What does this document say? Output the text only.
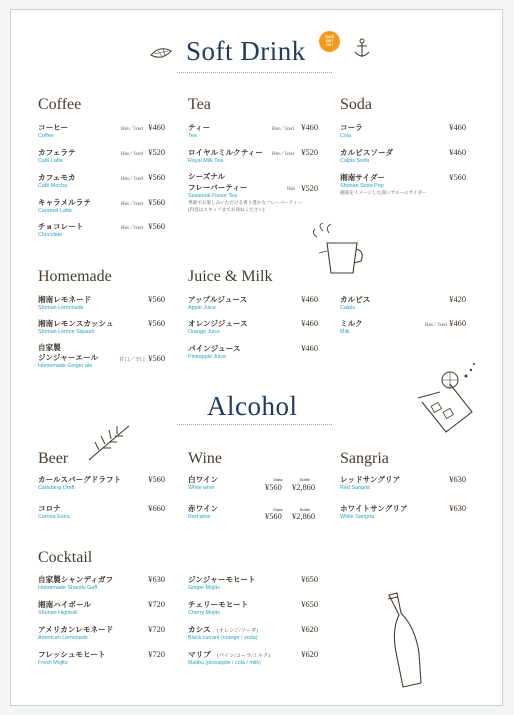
Soft Drink	TAKE
OUT
OK!
Coffee	Tea	Soda
Homemade	Juice & Milk
Alcohol
Beer	Wine	Sangria
Cocktail
Glass	Bottle
Glass	Bottle
コーヒー
Coffee
Hot／Iced ¥460
カフェラテ
Café Latte
Hot／Iced ¥520
カフェモカ
Café Mocha
Hot／Iced ¥560
キャラメルラテ
Caramel Latte
Hot／Iced ¥560
チョコレート
Chocolate
Hot／Iced ¥560
ティー
Tea
Hot／Iced ¥460
ロイヤルミルクティー
Royal Milk Tea
Hot／Iced ¥520
シーズナル
フレーバーティー
Seasonal Flavor Tea
Hot ¥520
季節でお楽しみいただける香り豊かなフレーバーティー
(内容はスタッフまでお尋ねください)
コーラ
Cola
¥460
カルピスソーダ
Calpis Soda
¥460
湘南サイダー
Shonan Soda Pop
湘南をイメージした深いブルーのサイダー
¥560
湘南レモネード
Shonan Lemonade
¥560
湘南レモンスカッシュ
Shonan Lemon Squash
¥560
自家製
ジンジャーエール
Homemade Ginger ale
甘口／辛口 ¥560
アップルジュース
Apple Juice
¥460
オレンジジュース
Orange Juice
¥460
パインジュース
Pineapple Juice
¥460
カルピス
Calpis
¥420
ミルク
Milk
Hot／Iced ¥460
カールスバーグドラフト
Carlsberg Draft
¥560
コロナ
Corona Extra
¥660
白ワイン
White wine	¥560 ¥2,860
赤ワイン
Red wine	¥560 ¥2,860
レッドサングリア
Red Sangria
¥630
ホワイトサングリア
White Sangria
¥630
自家製シャンディガフ
Homemade Shandy Gaff
¥630
湘南ハイボール
Shonan Highball
¥720
アメリカンレモネード
American Lemonade
¥720
フレッシュモヒート
Fresh Mojito
¥720
ジンジャーモヒート
Ginger Mojito
¥650
チェリーモヒート
Cherry Mojito
¥650
カシス (オレンジ/ソーダ)
Black currant (orange / soda)
¥620
マリブ (パイン/コーラ/ミルク)
Malibu (pineapple / cola / milk)
¥620
